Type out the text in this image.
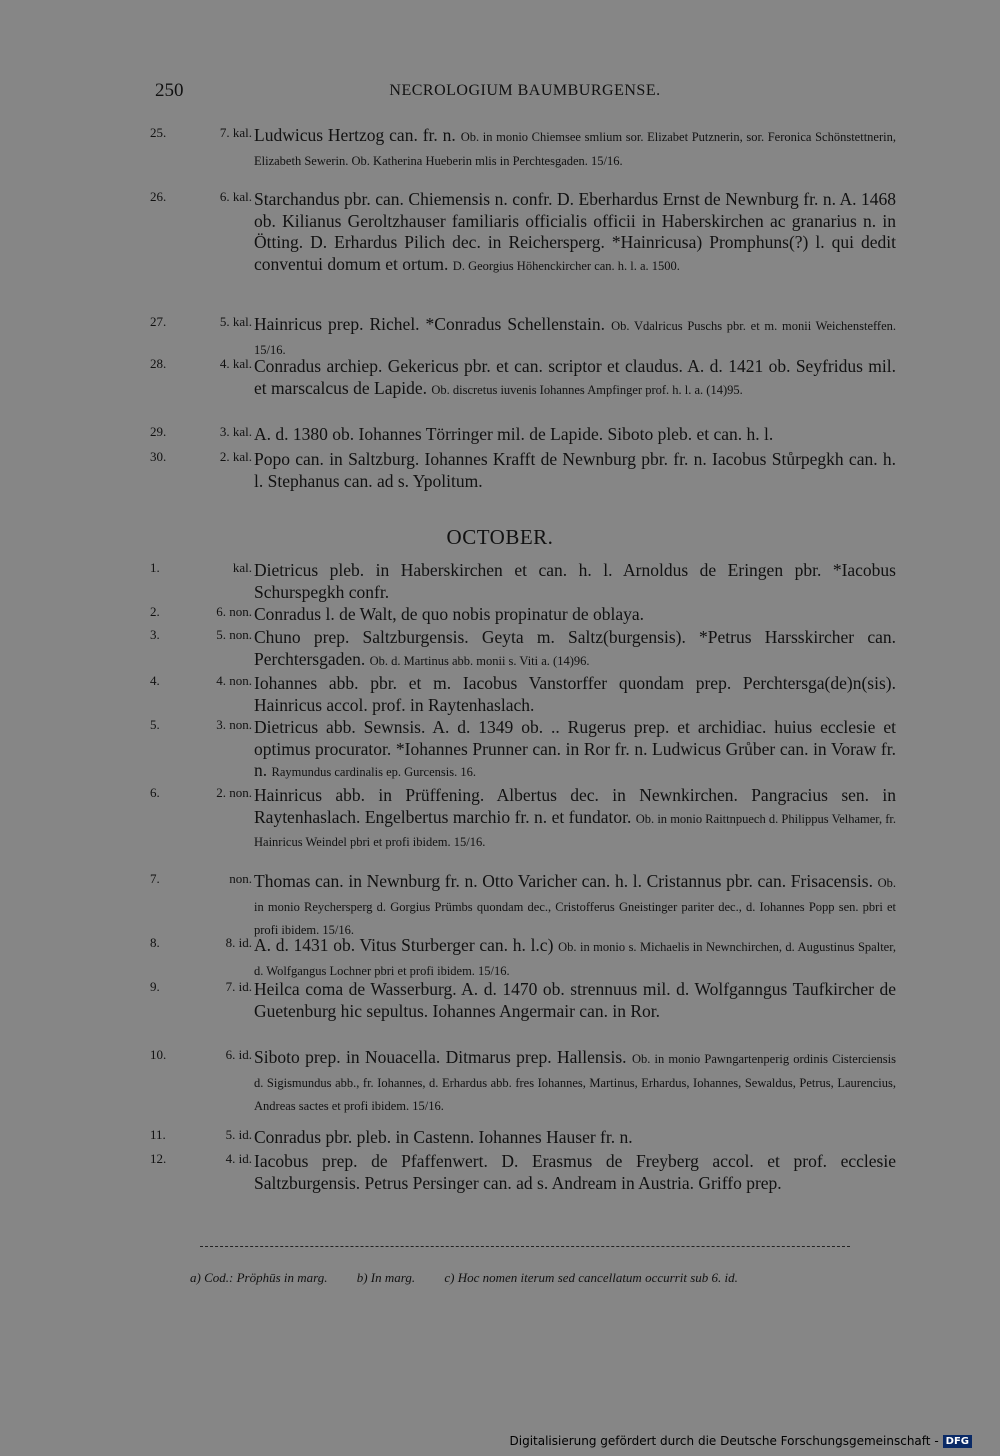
250	NECROLOGIUM BAUMBURGENSE.
25.	7. kal. Ludwicus Hertzog can. fr. n. Ob. in monio Chiemsee smlium sor. Elizabet Putznerin, sor. Feronica Schönstettnerin, Elizabeth Sewerin. Ob. Katherina Hueberin mlis in Perchtesgaden. 15/16.
26.	6. kal. Starchandus pbr. can. Chiemensis n. confr. D. Eberhardus Ernst de Newnburg fr. n. A. 1468 ob. Kilianus Geroltzhauser familiaris officialis officii in Haberskirchen ac granarius n. in Ötting. D. Erhardus Pilich dec. in Reichersperg. *Hainricusa) Promphuns(?) l. qui dedit conventui domum et ortum. D. Georgius Höhenckircher can. h. l. a. 1500.
27.	5. kal. Hainricus prep. Richel. *Conradus Schellenstain. Ob. Vdalricus Puschs pbr. et m. monii Weichensteffen. 15/16.
28.	4. kal. Conradus archiep. Gekericus pbr. et can. scriptor et claudus. A. d. 1421 ob. Seyfridus mil. et marscalcus de Lapide. Ob. discretus iuvenis Iohannes Ampfinger prof. h. l. a. (14)95.
29.	3. kal. A. d. 1380 ob. Iohannes Törringer mil. de Lapide. Siboto pleb. et can. h. l.
30.	2. kal. Popo can. in Saltzburg. Iohannes Krafft de Newnburg pbr. fr. n. Iacobus Stůrpegkh can. h. l. Stephanus can. ad s. Ypolitum.
OCTOBER.
1.	kal. Dietricus pleb. in Haberskirchen et can. h. l. Arnoldus de Eringen pbr. *Iacobus Schurspegkh confr.
2.	6. non. Conradus l. de Walt, de quo nobis propinatur de oblaya.
3.	5. non. Chuno prep. Saltzburgensis. Geyta m. Saltz(burgensis). *Petrus Harsskircher can. Perchtersgaden. Ob. d. Martinus abb. monii s. Viti a. (14)96.
4.	4. non. Iohannes abb. pbr. et m. Iacobus Vanstorffer quondam prep. Perchtersga(de)n(sis). Hainricus accol. prof. in Raytenhaslach.
5.	3. non. Dietricus abb. Sewnsis. A. d. 1349 ob. .. Rugerus prep. et archidiac. huius ecclesie et optimus procurator. *Iohannes Prunner can. in Ror fr. n. Ludwicus Grůber can. in Voraw fr. n. Raymundus cardinalis ep. Gurcensis. 16.
6.	2. non. Hainricus abb. in Prüffening. Albertus dec. in Newnkirchen. Pangracius sen. in Raytenhaslach. Engelbertus marchio fr. n. et fundator. Ob. in monio Raittnpuech d. Philippus Velhamer, fr. Hainricus Weindel pbri et profi ibidem. 15/16.
7.	non. Thomas can. in Newnburg fr. n. Otto Varicher can. h. l. Cristannus pbr. can. Frisacensis. Ob. in monio Reychersperg d. Gorgius Prümbs quondam dec., Cristofferus Gneistinger pariter dec., d. Iohannes Popp sen. pbri et profi ibidem. 15/16.
8.	8. id. A. d. 1431 ob. Vitus Sturberger can. h. l.c) Ob. in monio s. Michaelis in Newnchirchen, d. Augustinus Spalter, d. Wolfgangus Lochner pbri et profi ibidem. 15/16.
9.	7. id. Heilca coma de Wasserburg. A. d. 1470 ob. strennuus mil. d. Wolfganngus Taufkircher de Guetenburg hic sepultus. Iohannes Angermair can. in Ror.
10.	6. id. Siboto prep. in Nouacella. Ditmarus prep. Hallensis. Ob. in monio Pawngartenperig ordinis Cisterciensis d. Sigismundus abb., fr. Iohannes, d. Erhardus abb. fres Iohannes, Martinus, Erhardus, Iohannes, Sewaldus, Petrus, Laurencius, Andreas sactes et profi ibidem. 15/16.
11.	5. id. Conradus pbr. pleb. in Castenn. Iohannes Hauser fr. n.
12.	4. id. Iacobus prep. de Pfaffenwert. D. Erasmus de Freyberg accol. et prof. ecclesie Saltzburgensis. Petrus Persinger can. ad s. Andream in Austria. Griffo prep.
a) Cod.: Pröphūs in marg. b) In marg. c) Hoc nomen iterum sed cancellatum occurrit sub 6. id.
Digitalisierung gefördert durch die Deutsche Forschungsgemeinschaft - DFG
